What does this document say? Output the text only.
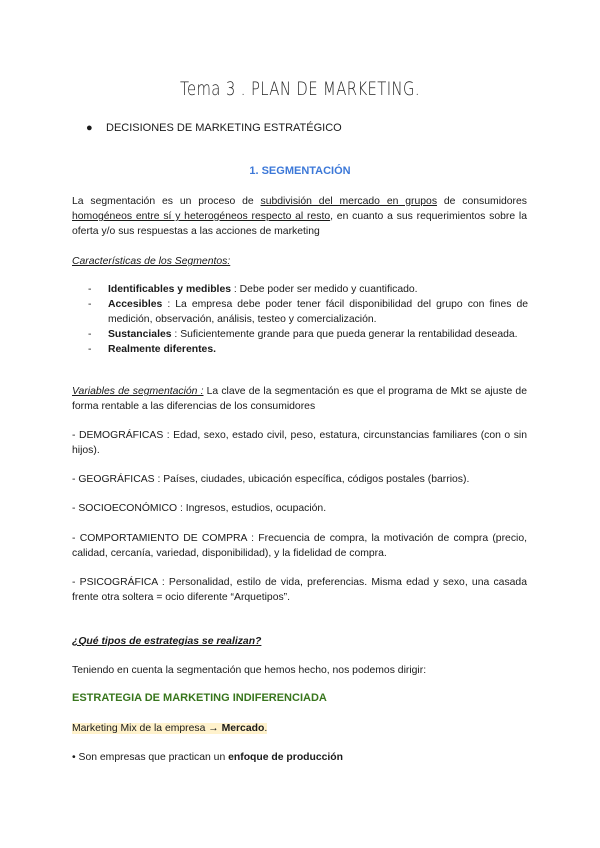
Tema 3 . PLAN DE MARKETING.
● DECISIONES DE MARKETING ESTRATÉGICO
1. SEGMENTACIÓN
La segmentación es un proceso de subdivisión del mercado en grupos de consumidores homogéneos entre sí y heterogéneos respecto al resto, en cuanto a sus requerimientos sobre la oferta y/o sus respuestas a las acciones de marketing
Características de los Segmentos:
- Identificables y medibles : Debe poder ser medido y cuantificado.
- Accesibles : La empresa debe poder tener fácil disponibilidad del grupo con fines de medición, observación, análisis, testeo y comercialización.
- Sustanciales : Suficientemente grande para que pueda generar la rentabilidad deseada.
- Realmente diferentes.
Variables de segmentación : La clave de la segmentación es que el programa de Mkt se ajuste de forma rentable a las diferencias de los consumidores
- DEMOGRÁFICAS : Edad, sexo, estado civil, peso, estatura, circunstancias familiares (con o sin hijos).
- GEOGRÁFICAS : Países, ciudades, ubicación específica, códigos postales (barrios).
- SOCIOECONÓMICO : Ingresos, estudios, ocupación.
- COMPORTAMIENTO DE COMPRA : Frecuencia de compra, la motivación de compra (precio, calidad, cercanía, variedad, disponibilidad), y la fidelidad de compra.
- PSICOGRÁFICA : Personalidad, estilo de vida, preferencias. Misma edad y sexo, una casada frente otra soltera = ocio diferente “Arquetipos”.
¿Qué tipos de estrategias se realizan?
Teniendo en cuenta la segmentación que hemos hecho, nos podemos dirigir:
ESTRATEGIA DE MARKETING INDIFERENCIADA
Marketing Mix de la empresa → Mercado.
• Son empresas que practican un enfoque de producción
